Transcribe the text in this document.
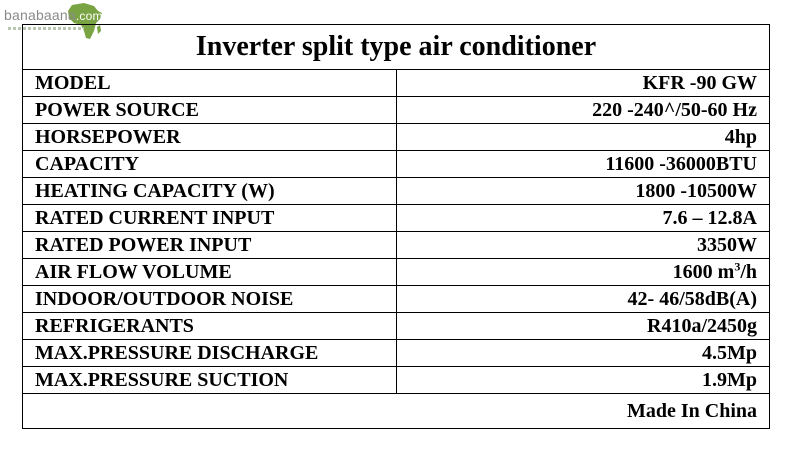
banabaana.com
Inverter split type air conditioner	
MODEL	KFR -90 GW
POWER SOURCE	220 -240^/50-60 Hz
HORSEPOWER	4hp
CAPACITY	11600 -36000BTU
HEATING CAPACITY (W)	1800 -10500W
RATED CURRENT INPUT	7.6 – 12.8A
RATED POWER INPUT	3350W
AIR FLOW VOLUME	1600 $m^3/h$
INDOOR/OUTDOOR NOISE	42- 46/58dB(A)
REFRIGERANTS	R410a/2450g
MAX.PRESSURE DISCHARGE	4.5Mp
MAX.PRESSURE SUCTION	1.9Mp
Made In China	
